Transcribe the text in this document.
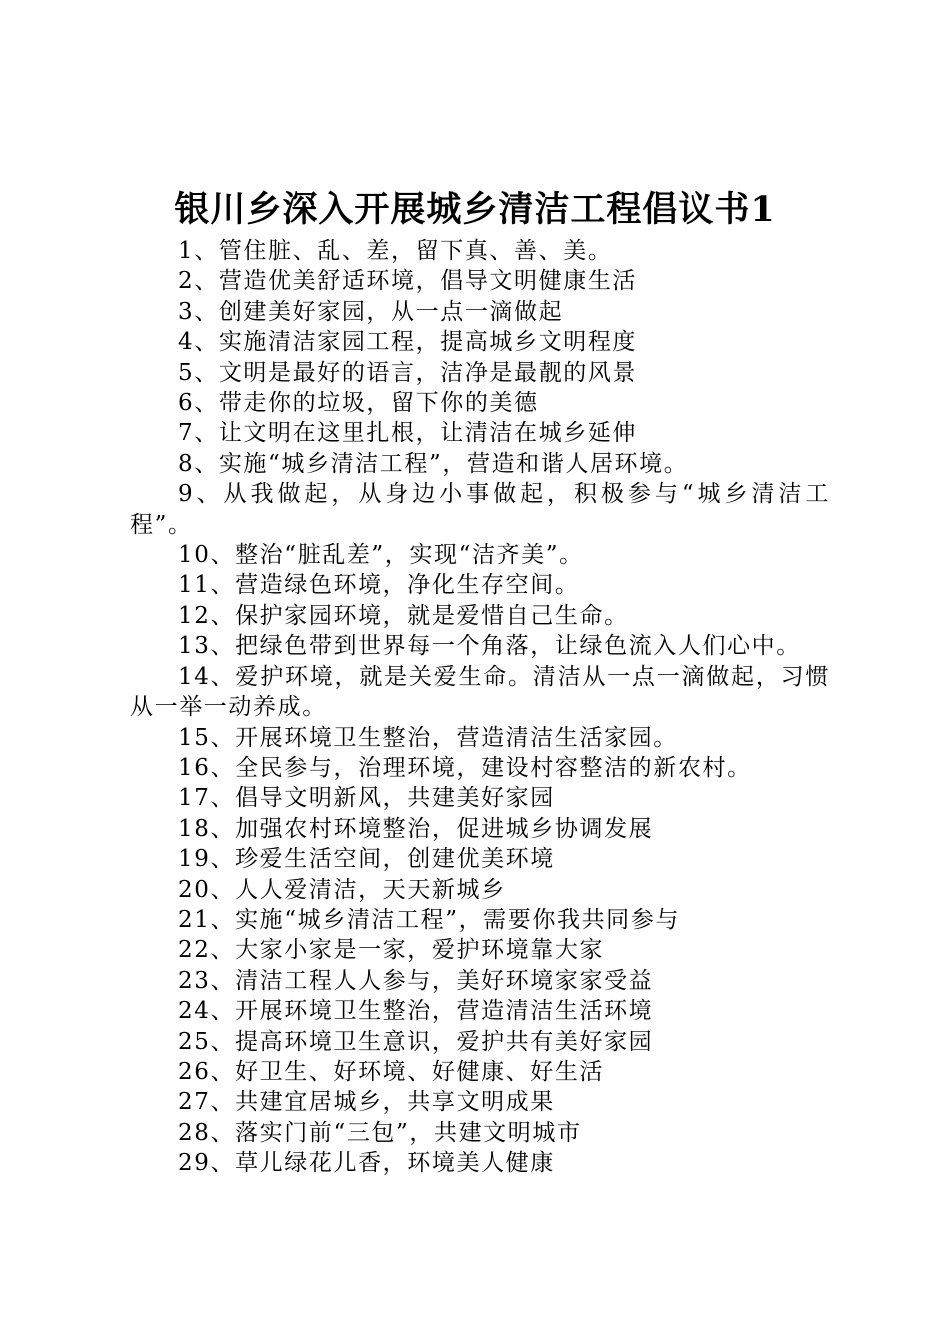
银川乡深入开展城乡清洁工程倡议书1

1、管住脏、乱、差，留下真、善、美。

2、营造优美舒适环境，倡导文明健康生活

3、创建美好家园，从一点一滴做起

4、实施清洁家园工程，提高城乡文明程度

5、文明是最好的语言，洁净是最靓的风景

6、带走你的垃圾，留下你的美德

7、让文明在这里扎根，让清洁在城乡延伸

8、实施“城乡清洁工程”，营造和谐人居环境。

9、从我做起，从身边小事做起，积极参与“城乡清洁工程”。

10、整治“脏乱差”，实现“洁齐美”。

11、营造绿色环境，净化生存空间。

12、保护家园环境，就是爱惜自己生命。

13、把绿色带到世界每一个角落，让绿色流入人们心中。

14、爱护环境，就是关爱生命。清洁从一点一滴做起，习惯从一举一动养成。

15、开展环境卫生整治，营造清洁生活家园。

16、全民参与，治理环境，建设村容整洁的新农村。

17、倡导文明新风，共建美好家园

18、加强农村环境整治，促进城乡协调发展

19、珍爱生活空间，创建优美环境

20、人人爱清洁，天天新城乡

21、实施“城乡清洁工程”，需要你我共同参与

22、大家小家是一家，爱护环境靠大家

23、清洁工程人人参与，美好环境家家受益

24、开展环境卫生整治，营造清洁生活环境

25、提高环境卫生意识，爱护共有美好家园

26、好卫生、好环境、好健康、好生活

27、共建宜居城乡，共享文明成果

28、落实门前“三包”，共建文明城市

29、草儿绿花儿香，环境美人健康
